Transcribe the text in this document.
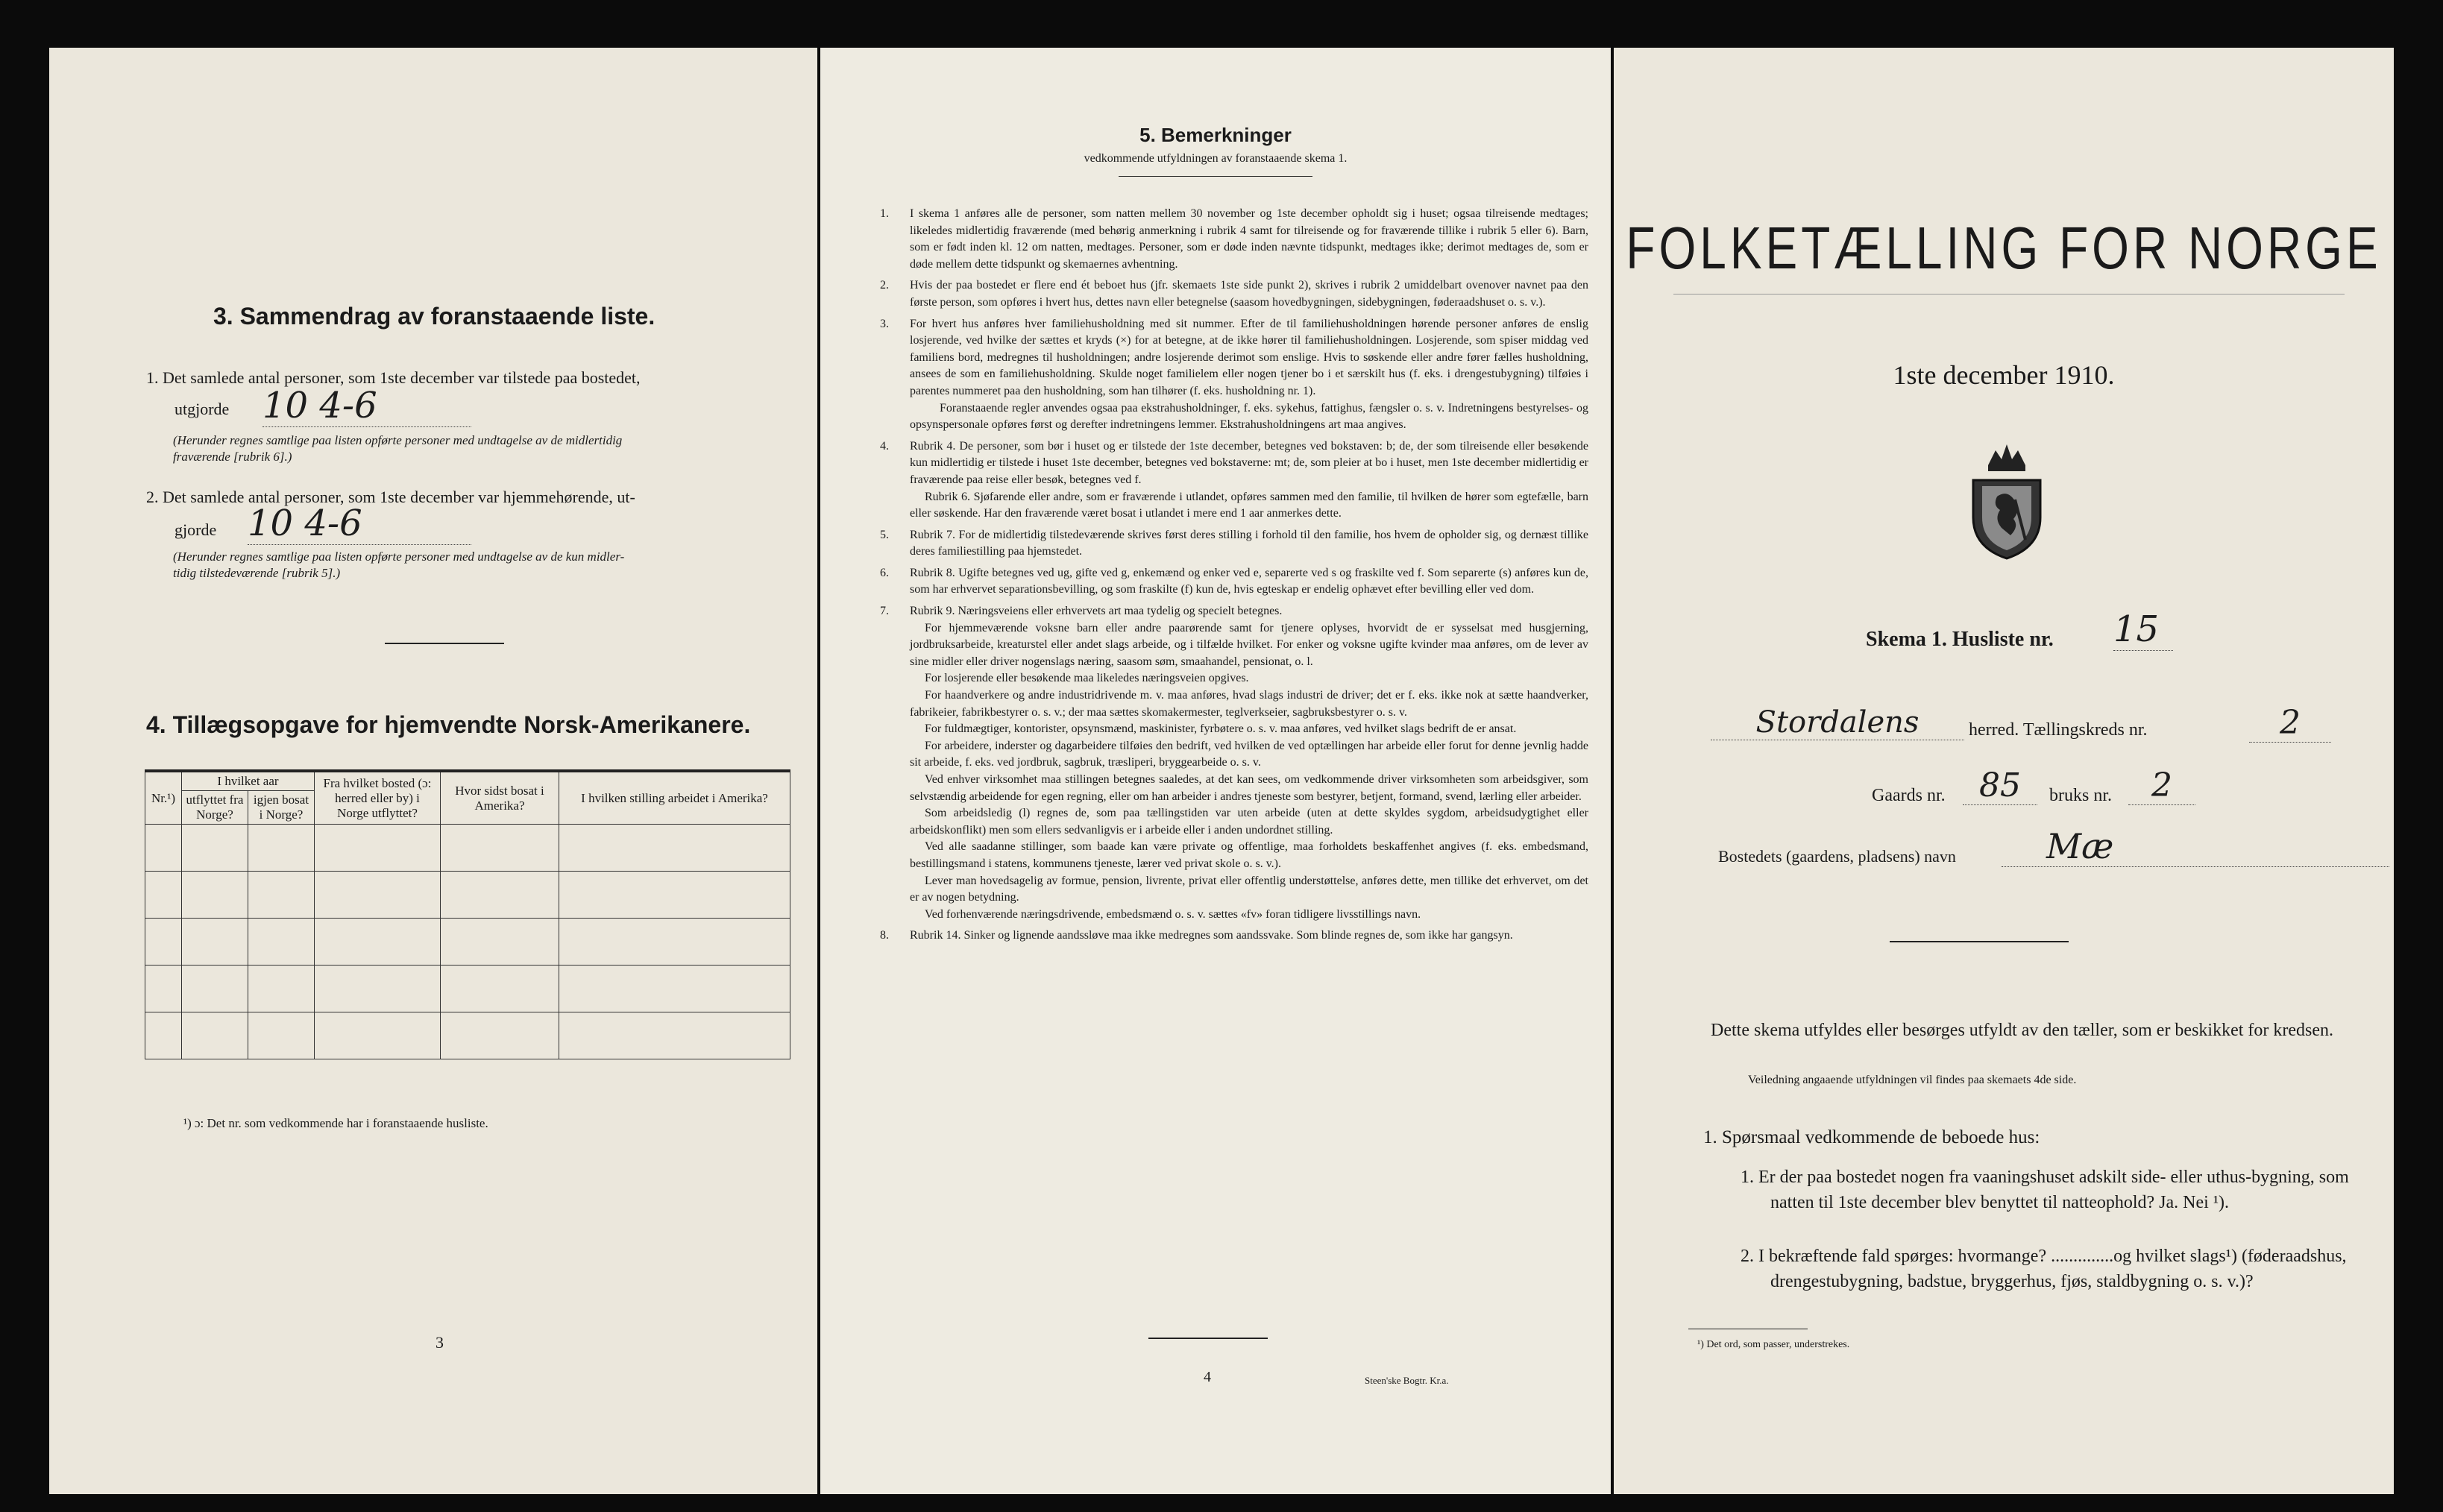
3. Sammendrag av foranstaaende liste.
1. Det samlede antal personer, som 1ste december var tilstede paa bostedet,
utgjorde 10 4-6
(Herunder regnes samtlige paa listen opførte personer med undtagelse av de midlertidig
fraværende [rubrik 6].)
2. Det samlede antal personer, som 1ste december var hjemmehørende, ut-
gjorde 10 4-6
(Herunder regnes samtlige paa listen opførte personer med undtagelse av de kun midler-
tidig tilstedeværende [rubrik 5].)
4. Tillægsopgave for hjemvendte Norsk-Amerikanere.
Nr.¹)	I hvilket aar		Fra hvilket bosted (ɔ: herred eller by) i Norge utflyttet?	Hvor sidst bosat i Amerika?	I hvilken stilling arbeidet i Amerika?
	utflyttet fra Norge?	igjen bosat i Norge?			

¹) ɔ: Det nr. som vedkommende har i foranstaaende husliste.
3
5. Bemerkninger
vedkommende utfyldningen av foranstaaende skema 1.

1. I skema 1 anføres alle de personer, som natten mellem 30 november og 1ste december opholdt sig i huset; ogsaa tilreisende medtages; likeledes midlertidig fraværende (med behørig anmerkning i rubrik 4 samt for tilreisende og for fraværende tillike i rubrik 5 eller 6). Barn, som er født inden kl. 12 om natten, medtages. Personer, som er døde inden nævnte tidspunkt, medtages ikke; derimot medtages de, som er døde mellem dette tidspunkt og skemaernes avhentning.

2. Hvis der paa bostedet er flere end ét beboet hus (jfr. skemaets 1ste side punkt 2), skrives i rubrik 2 umiddelbart ovenover navnet paa den første person, som opføres i hvert hus, dettes navn eller betegnelse (saasom hovedbygningen, sidebygningen, føderaadshuset o. s. v.).

3. For hvert hus anføres hver familiehusholdning med sit nummer. Efter de til familiehusholdningen hørende personer anføres de enslig losjerende, ved hvilke der sættes et kryds (×) for at betegne, at de ikke hører til familiehusholdningen. Losjerende, som spiser middag ved familiens bord, medregnes til husholdningen; andre losjerende derimot som enslige. Hvis to søskende eller andre fører fælles husholdning, ansees de som en familiehusholdning. Skulde noget familielem eller nogen tjener bo i et særskilt hus (f. eks. i drengestubygning) tilføies i parentes nummeret paa den husholdning, som han tilhører (f. eks. husholdning nr. 1).

Foranstaaende regler anvendes ogsaa paa ekstrahusholdninger, f. eks. sykehus, fattighus, fængsler o. s. v. Indretningens bestyrelses- og opsynspersonale opføres først og derefter indretningens lemmer. Ekstrahusholdningens art maa angives.

4. Rubrik 4. De personer, som bør i huset og er tilstede der 1ste december, betegnes ved bokstaven: b; de, der som tilreisende eller besøkende kun midlertidig er tilstede i huset 1ste december, betegnes ved bokstaverne: mt; de, som pleier at bo i huset, men 1ste december midlertidig er fraværende paa reise eller besøk, betegnes ved f.

Rubrik 6. Sjøfarende eller andre, som er fraværende i utlandet, opføres sammen med den familie, til hvilken de hører som egtefælle, barn eller søskende. Har den fraværende været bosat i utlandet i mere end 1 aar anmerkes dette.

5. Rubrik 7. For de midlertidig tilstedeværende skrives først deres stilling i forhold til den familie, hos hvem de opholder sig, og dernæst tillike deres familiestilling paa hjemstedet.

6. Rubrik 8. Ugifte betegnes ved ug, gifte ved g, enkemænd og enker ved e, separerte ved s og fraskilte ved f. Som separerte (s) anføres kun de, som har erhvervet separationsbevilling, og som fraskilte (f) kun de, hvis egteskap er endelig ophævet efter bevilling eller ved dom.

7. Rubrik 9. Næringsveiens eller erhvervets art maa tydelig og specielt betegnes.

For hjemmeværende voksne barn eller andre paarørende samt for tjenere oplyses, hvorvidt de er sysselsat med husgjerning, jordbruksarbeide, kreaturstel eller andet slags arbeide, og i tilfælde hvilket. For enker og voksne ugifte kvinder maa anføres, om de lever av sine midler eller driver nogenslags næring, saasom søm, smaahandel, pensionat, o. l.

For losjerende eller besøkende maa likeledes næringsveien opgives.

For haandverkere og andre industridrivende m. v. maa anføres, hvad slags industri de driver; det er f. eks. ikke nok at sætte haandverker, fabrikeier, fabrikbestyrer o. s. v.; der maa sættes skomakermester, teglverkseier, sagbruksbestyrer o. s. v.

For fuldmægtiger, kontorister, opsynsmænd, maskinister, fyrbøtere o. s. v. maa anføres, ved hvilket slags bedrift de er ansat.

For arbeidere, inderster og dagarbeidere tilføies den bedrift, ved hvilken de ved optællingen har arbeide eller forut for denne jevnlig hadde sit arbeide, f. eks. ved jordbruk, sagbruk, træsliperi, bryggearbeide o. s. v.

Ved enhver virksomhet maa stillingen betegnes saaledes, at det kan sees, om vedkommende driver virksomheten som arbeidsgiver, som selvstændig arbeidende for egen regning, eller om han arbeider i andres tjeneste som bestyrer, betjent, formand, svend, lærling eller arbeider.

Som arbeidsledig (l) regnes de, som paa tællingstiden var uten arbeide (uten at dette skyldes sygdom, arbeidsudygtighet eller arbeidskonflikt) men som ellers sedvanligvis er i arbeide eller i anden undordnet stilling.

Ved alle saadanne stillinger, som baade kan være private og offentlige, maa forholdets beskaffenhet angives (f. eks. embedsmand, bestillingsmand i statens, kommunens tjeneste, lærer ved privat skole o. s. v.).

Lever man hovedsagelig av formue, pension, livrente, privat eller offentlig understøttelse, anføres dette, men tillike det erhvervet, om det er av nogen betydning.

Ved forhenværende næringsdrivende, embedsmænd o. s. v. sættes «fv» foran tidligere livsstillings navn.

8. Rubrik 14. Sinker og lignende aandssløve maa ikke medregnes som aandssvake. Som blinde regnes de, som ikke har gangsyn.

4	Steen'ske Bogtr. Kr.a.
FOLKETÆLLING FOR NORGE
1ste december 1910.
Skema 1. Husliste nr. 15
Stordalens	herred. Tællingskreds nr.	2
Gaards nr.	85	bruks nr.	2
Bostedets (gaardens, pladsens) navn	Mæ
Dette skema utfyldes eller besørges utfyldt av den tæller, som er beskikket for kredsen.
Veiledning angaaende utfyldningen vil findes paa skemaets 4de side.
1. Spørsmaal vedkommende de beboede hus:
1. Er der paa bostedet nogen fra vaaningshuset adskilt side- eller uthus-bygning, som natten til 1ste december blev benyttet til natteophold? Ja. Nei ¹).
2. I bekræftende fald spørges: hvormange? ..............og hvilket slags¹) (føderaadshus, drengestubygning, badstue, bryggerhus, fjøs, staldbygning o. s. v.)?
¹) Det ord, som passer, understrekes.
